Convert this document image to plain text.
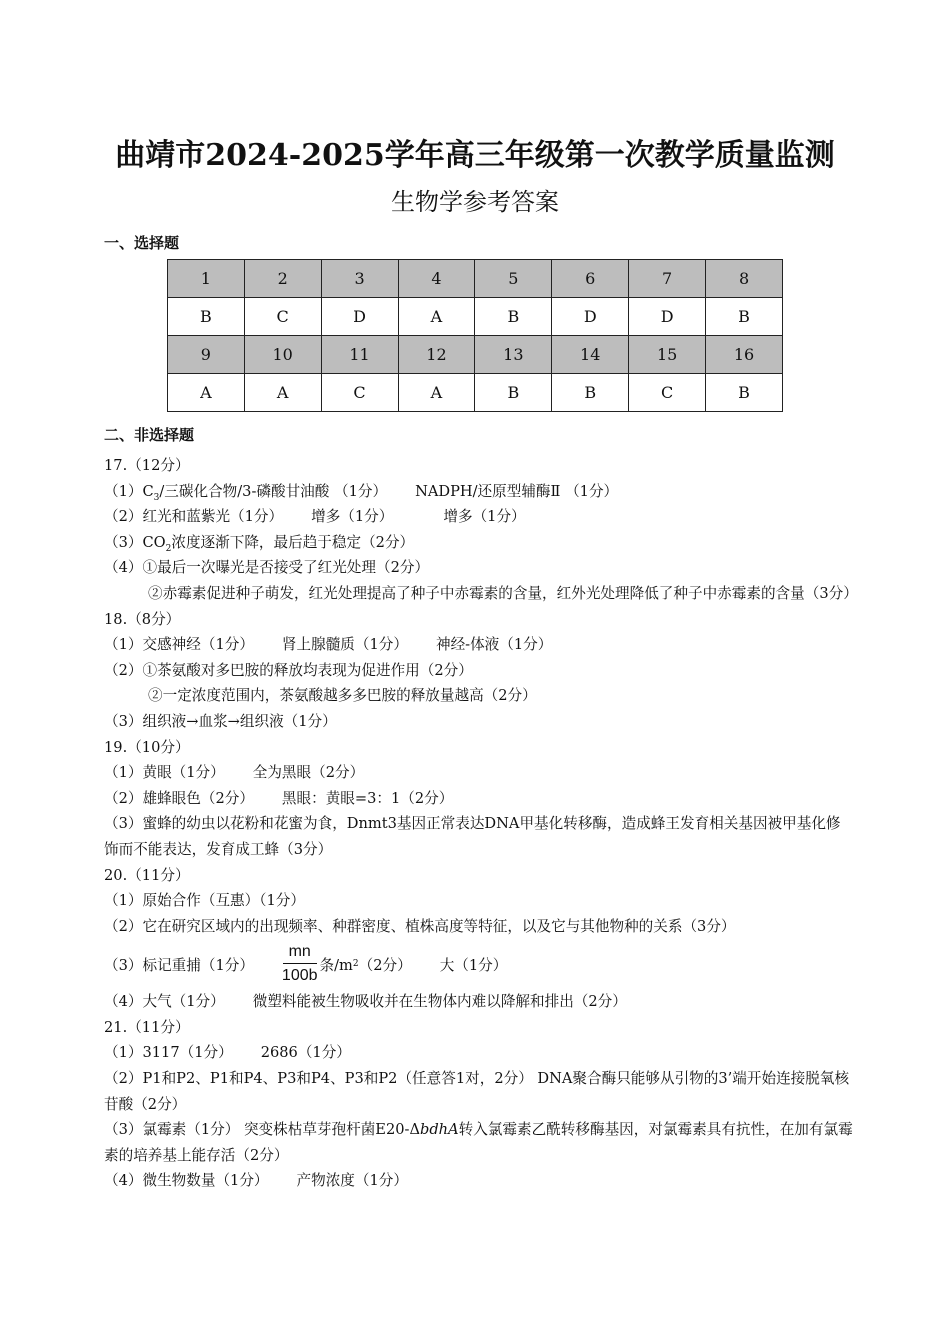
曲靖市2024-2025学年高三年级第一次教学质量监测
生物学参考答案
一、选择题
1	2	3	4	5	6	7	8
B	C	D	A	B	D	D	B
9	10	11	12	13	14	15	16
A	A	C	A	B	B	C	B
二、非选择题
17.（12分）
$(1)C_3/$三碳化合物/3-磷酸甘油酸 （1分） NADPH/还原型辅酶Ⅱ （1分）
（2）红光和蓝紫光（1分） 增多（1分）	增多（1分）
$(3)CO_2$浓度逐渐下降，最后趋于稳定（2分）
（4）①最后一次曝光是否接受了红光处理（2分）
②赤霉素促进种子萌发，红光处理提高了种子中赤霉素的含量，红外光处理降低了种子中赤霉素的含量（3分）
18.（8分）
（1）交感神经（1分） 肾上腺髓质（1分） 神经-体液（1分）
（2）①茶氨酸对多巴胺的释放均表现为促进作用（2分）
②一定浓度范围内，茶氨酸越多多巴胺的释放量越高（2分）
（3）组织液→血浆→组织液（1分）
19.（10分）
（1）黄眼（1分） 全为黑眼（2分）
（2）雄蜂眼色（2分） 黑眼：黄眼=3：1（2分）
（3）蜜蜂的幼虫以花粉和花蜜为食，Dnmt3基因正常表达DNA甲基化转移酶，造成蜂王发育相关基因被甲基化修饰而不能表达，发育成工蜂（3分）
20.（11分）
（1）原始合作（互惠）（1分）
（2）它在研究区域内的出现频率、种群密度、植株高度等特征，以及它与其他物种的关系（3分）
（3）标记重捕（1分） $\frac{mn}{100b}$ 条/m 2 （2分） 大（1分）
（4）大气（1分） 微塑料能被生物吸收并在生物体内难以降解和排出（2分）
21.（11分）
（1）3117（1分） 2686（1分）
（2）P1和P2、P1和P4、P3和P4、P3和P2（任意答1对，2分） DNA聚合酶只能够从引物的3’端开始连接脱氧核苷酸（2分）
（3）氯霉素（1分） 突变株枯草芽孢杆菌E20-ΔbdhA转入氯霉素乙酰转移酶基因，对氯霉素具有抗性，在加有氯霉素的培养基上能存活（2分）
（4）微生物数量（1分） 产物浓度（1分）
